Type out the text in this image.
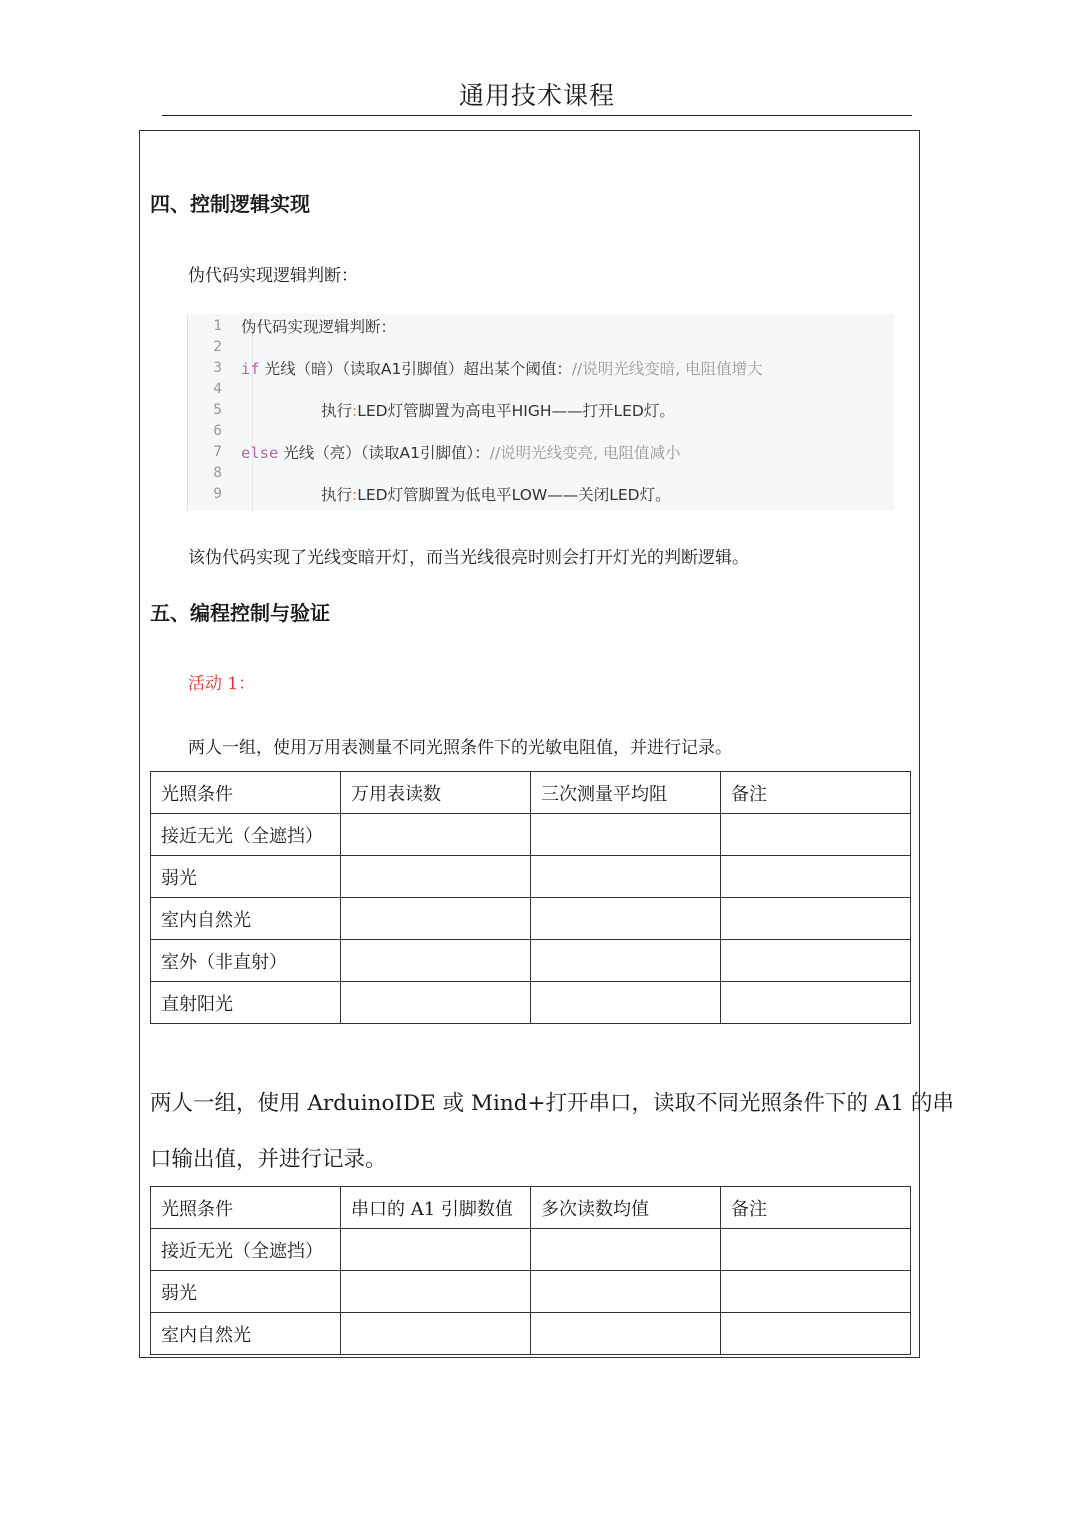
通用技术课程
四、控制逻辑实现
伪代码实现逻辑判断：
1
2
3
4
5
6
7
8
9
伪代码实现逻辑判断：
if 光线（暗）（读取A1引脚值）超出某个阈值：//说明光线变暗, 电阻值增大
执行:LED灯管脚置为高电平HIGH——打开LED灯。
else 光线（亮）（读取A1引脚值）：//说明光线变亮, 电阻值减小
执行:LED灯管脚置为低电平LOW——关闭LED灯。
该伪代码实现了光线变暗开灯，而当光线很亮时则会打开灯光的判断逻辑。
五、编程控制与验证
活动 1：
两人一组，使用万用表测量不同光照条件下的光敏电阻值，并进行记录。
光照条件	万用表读数	三次测量平均阻	备注
接近无光（全遮挡）			
弱光			
室内自然光			
室外（非直射）			
直射阳光			
两人一组，使用 ArduinoIDE 或 Mind+打开串口，读取不同光照条件下的 A1 的串
口输出值，并进行记录。
光照条件	串口的 A1 引脚数值	多次读数均值	备注
接近无光（全遮挡）			
弱光			
室内自然光			
